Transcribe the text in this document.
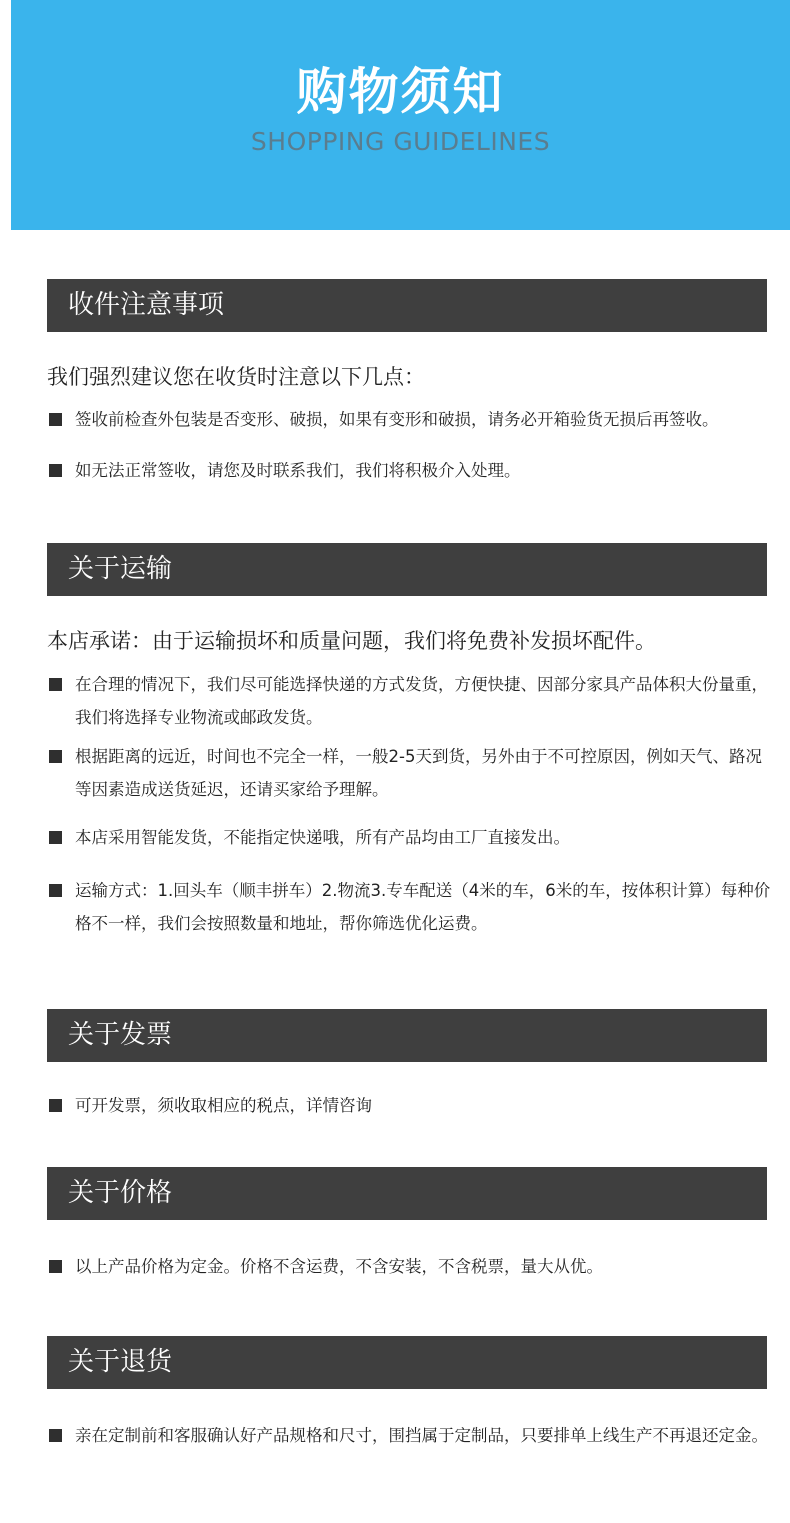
购物须知
SHOPPING GUIDELINES
收件注意事项
我们强烈建议您在收货时注意以下几点：
签收前检查外包装是否变形、破损，如果有变形和破损，请务必开箱验货无损后再签收。
如无法正常签收，请您及时联系我们，我们将积极介入处理。
关于运输
本店承诺：由于运输损坏和质量问题，我们将免费补发损坏配件。
在合理的情况下，我们尽可能选择快递的方式发货，方便快捷、因部分家具产品体积大份量重，我们将选择专业物流或邮政发货。
根据距离的远近，时间也不完全一样，一般2-5天到货，另外由于不可控原因，例如天气、路况等因素造成送货延迟，还请买家给予理解。
本店采用智能发货，不能指定快递哦，所有产品均由工厂直接发出。
运输方式：1.回头车（顺丰拼车）2.物流3.专车配送（4米的车，6米的车，按体积计算）每种价格不一样，我们会按照数量和地址，帮你筛选优化运费。
关于发票
可开发票，须收取相应的税点，详情咨询
关于价格
以上产品价格为定金。价格不含运费，不含安装，不含税票，量大从优。
关于退货
亲在定制前和客服确认好产品规格和尺寸，围挡属于定制品，只要排单上线生产不再退还定金。
